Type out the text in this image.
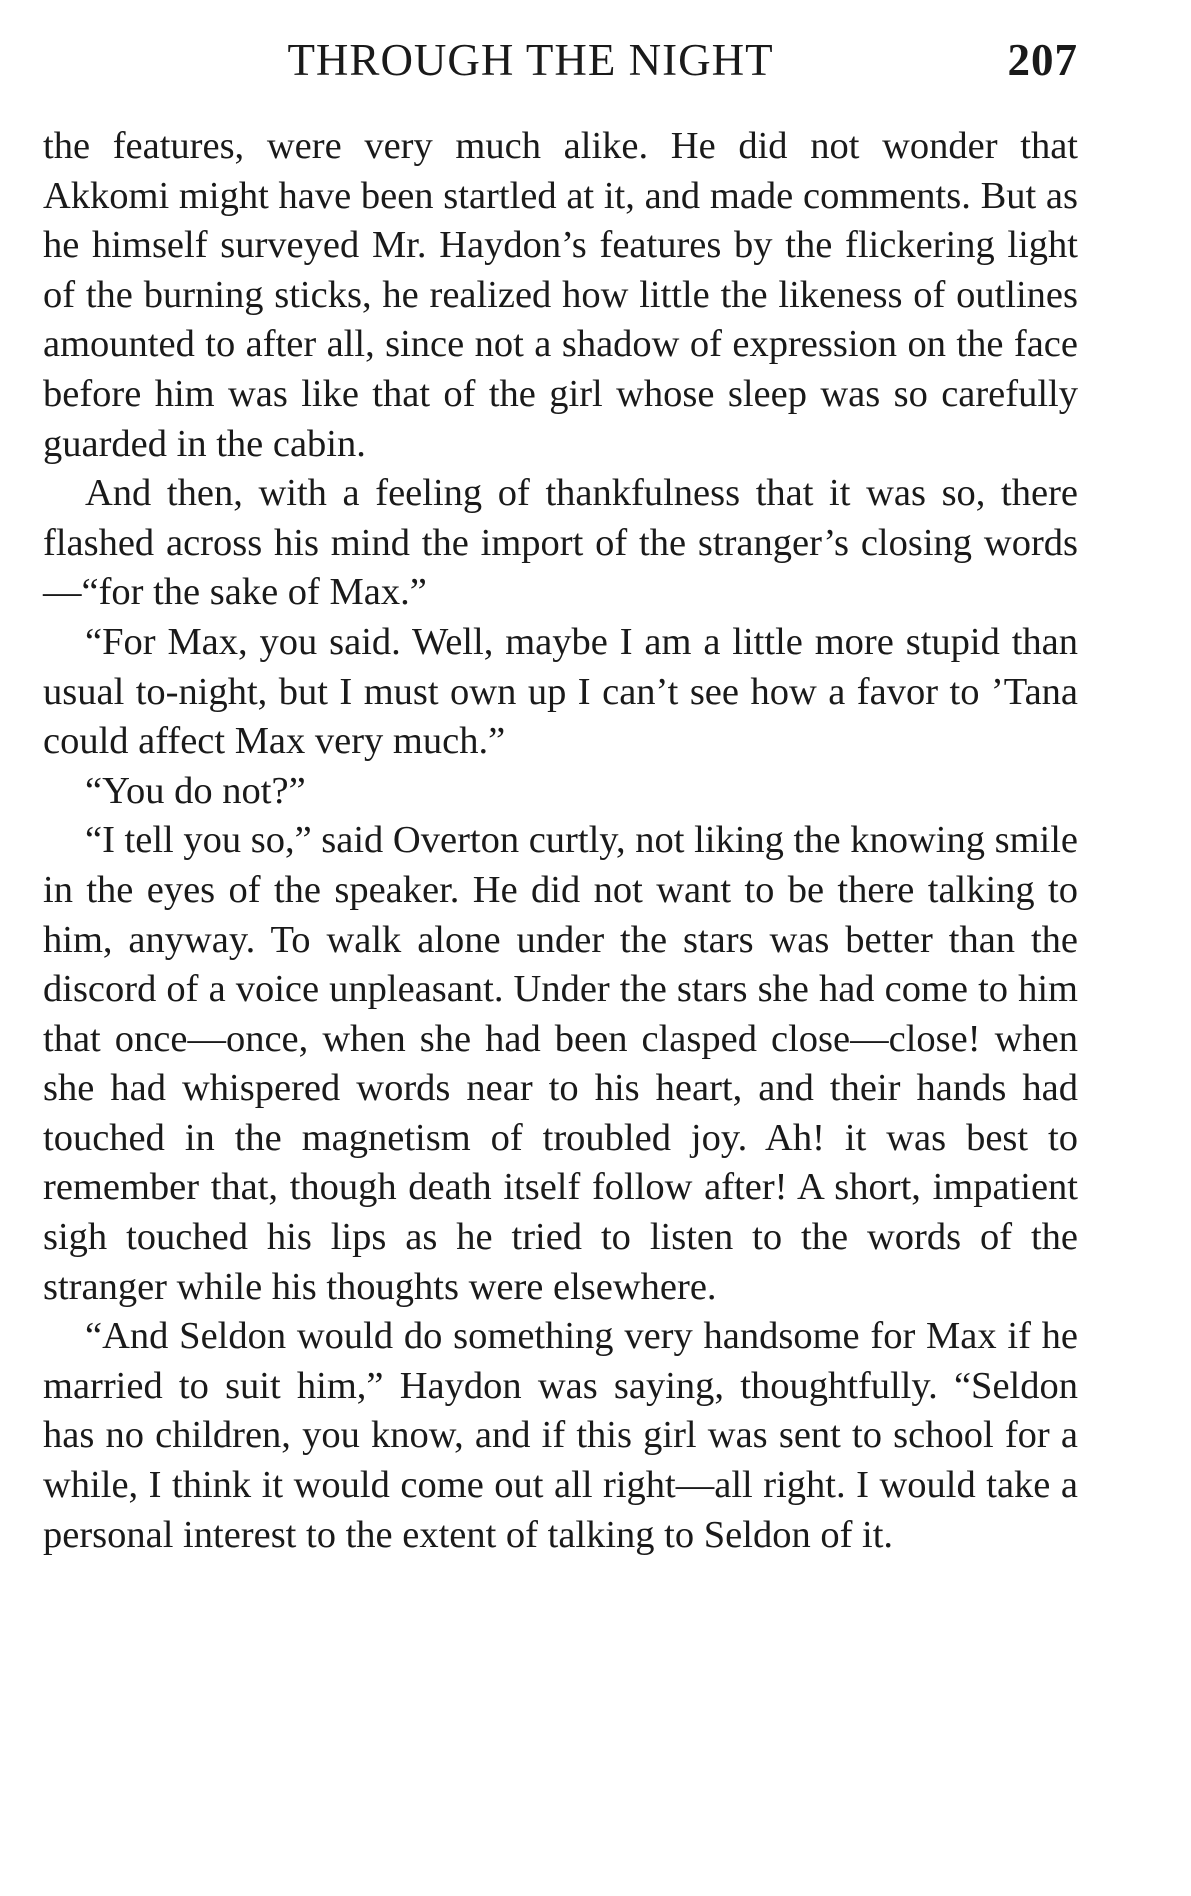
THROUGH THE NIGHT	207

the features, were very much alike. He did not wonder that Akkomi might have been startled at it, and made comments. But as he himself surveyed Mr. Haydon’s features by the flickering light of the burning sticks, he realized how little the likeness of outlines amounted to after all, since not a shadow of expression on the face before him was like that of the girl whose sleep was so carefully guarded in the cabin.

And then, with a feeling of thankfulness that it was so, there flashed across his mind the import of the stranger’s closing words—“for the sake of Max.”

“For Max, you said. Well, maybe I am a little more stupid than usual to-night, but I must own up I can’t see how a favor to ’Tana could affect Max very much.”

“You do not?”

“I tell you so,” said Overton curtly, not liking the knowing smile in the eyes of the speaker. He did not want to be there talking to him, anyway. To walk alone under the stars was better than the discord of a voice unpleasant. Under the stars she had come to him that once—once, when she had been clasped close—close! when she had whispered words near to his heart, and their hands had touched in the magnetism of troubled joy. Ah! it was best to remember that, though death itself follow after! A short, impatient sigh touched his lips as he tried to listen to the words of the stranger while his thoughts were elsewhere.

“And Seldon would do something very handsome for Max if he married to suit him,” Haydon was saying, thoughtfully. “Seldon has no children, you know, and if this girl was sent to school for a while, I think it would come out all right—all right. I would take a personal interest to the extent of talking to Seldon of it.
